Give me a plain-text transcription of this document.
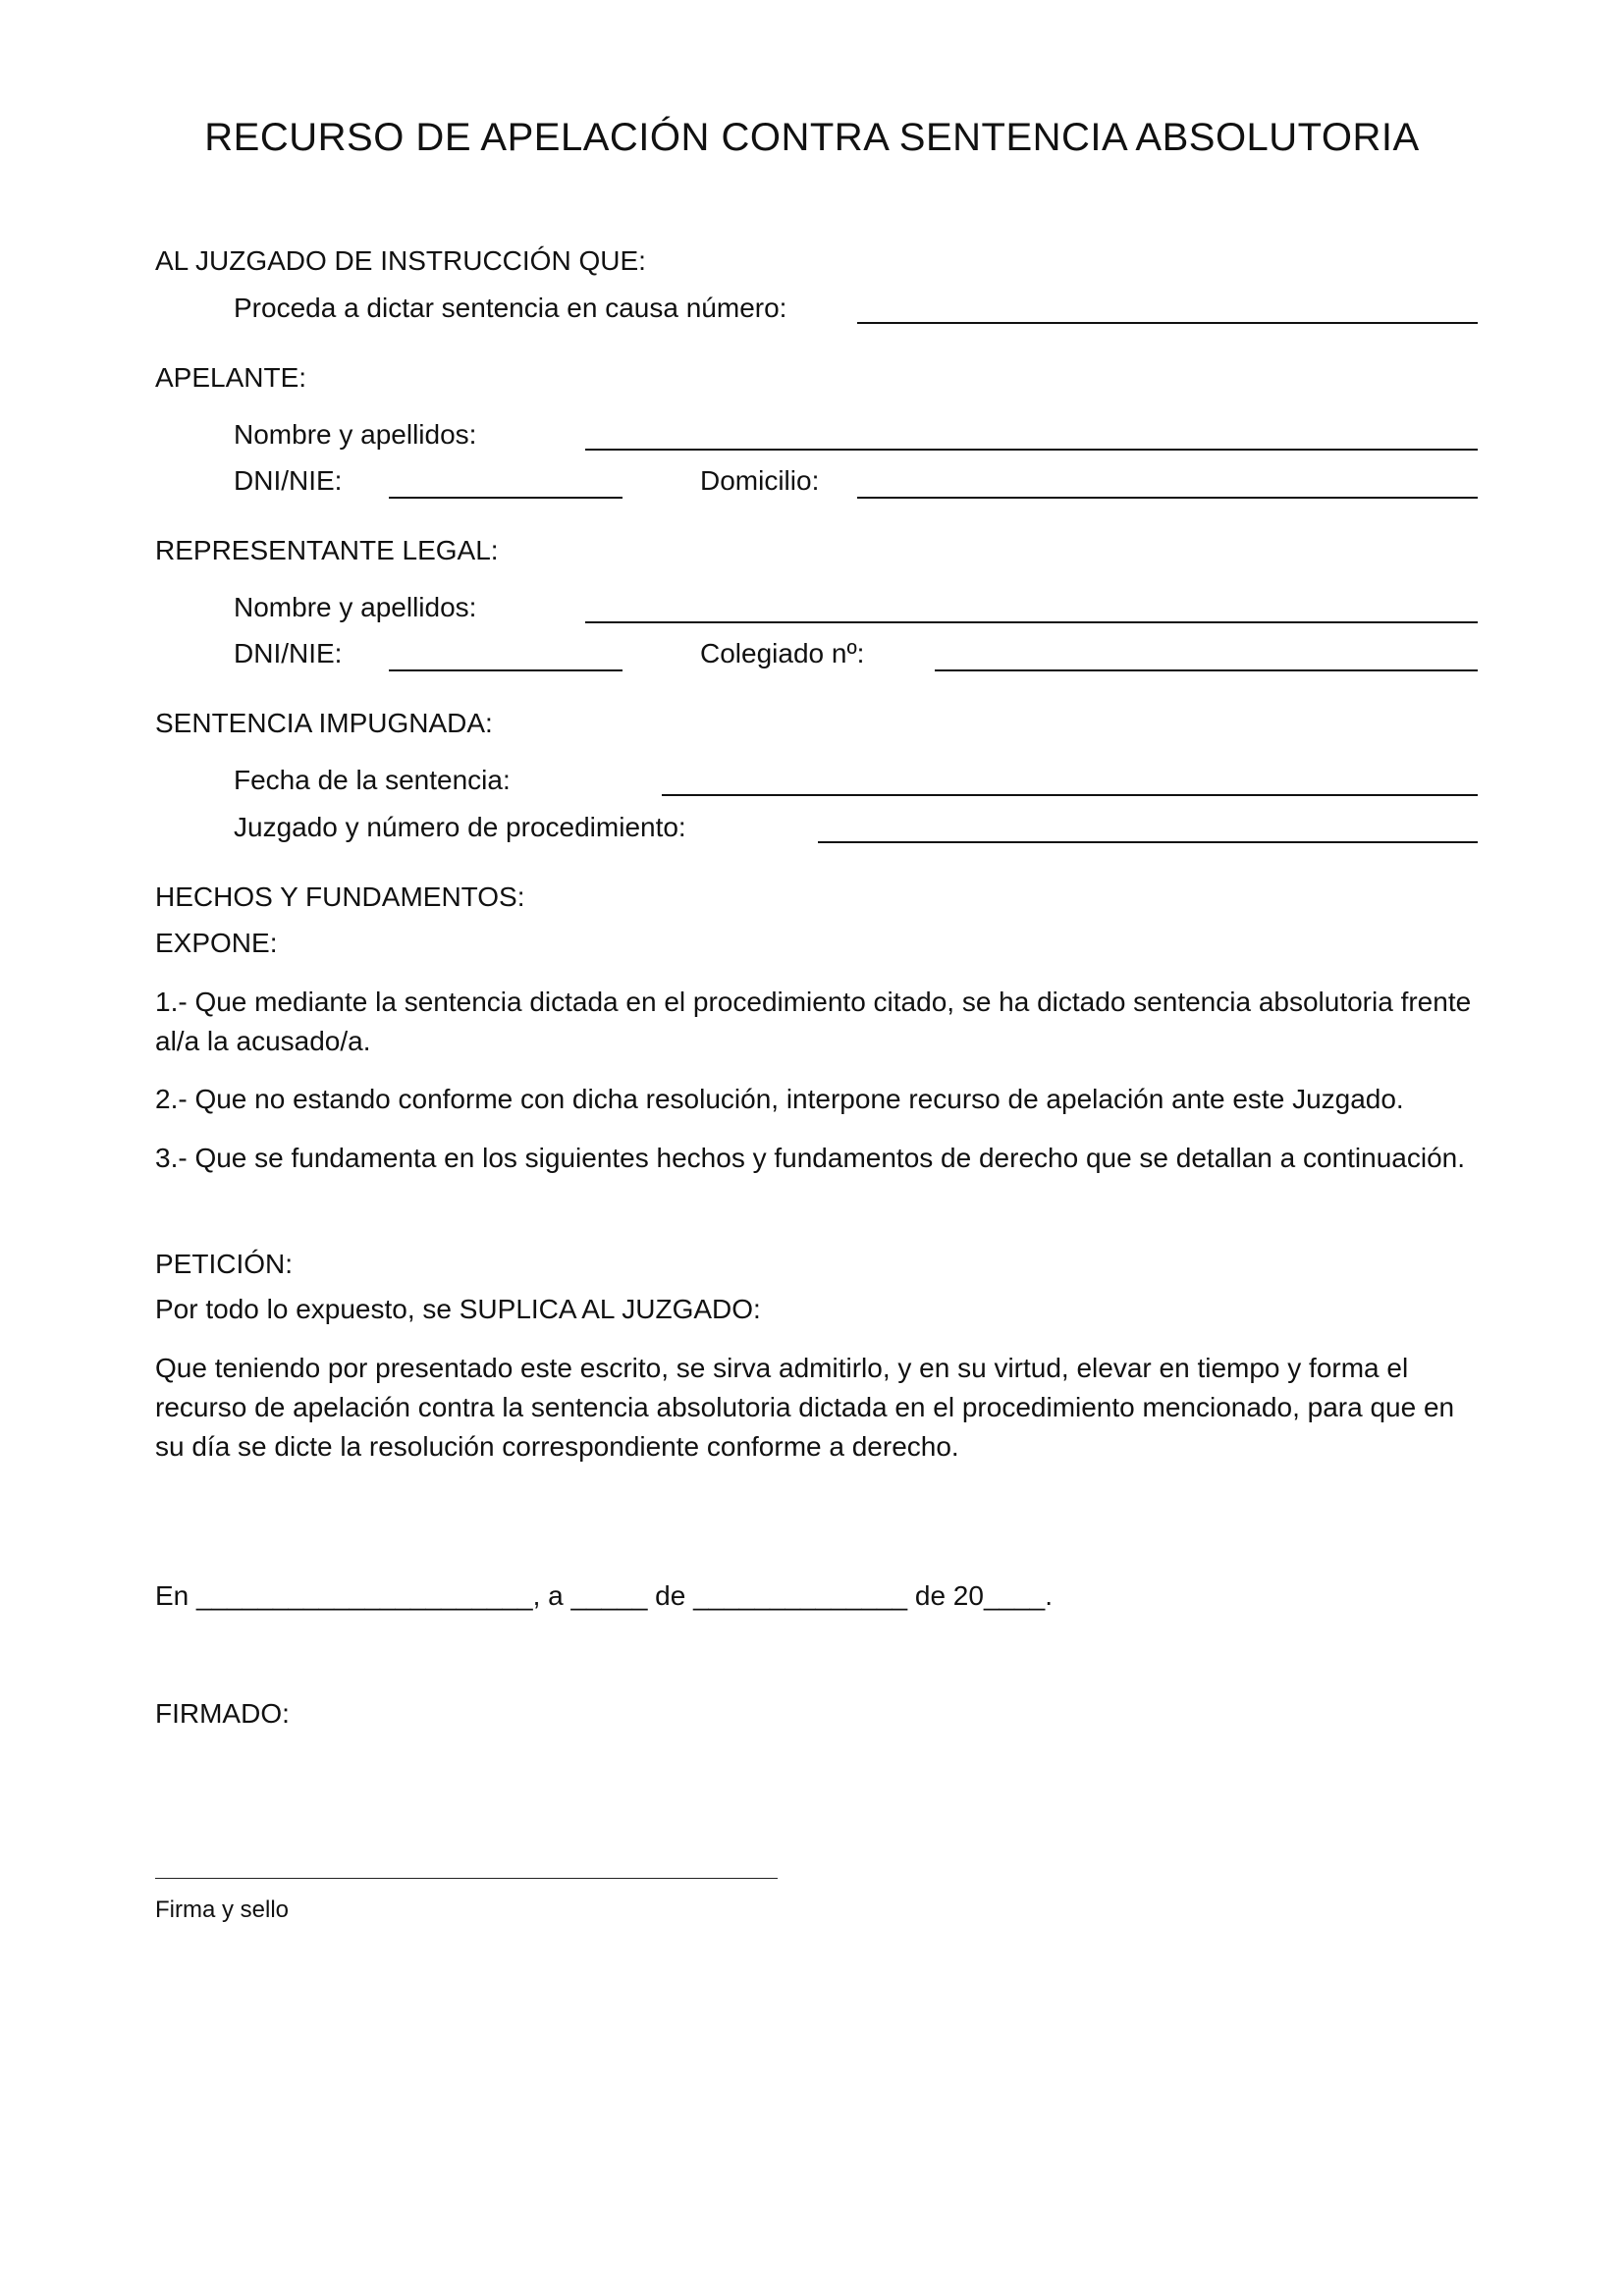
RECURSO DE APELACIÓN CONTRA SENTENCIA ABSOLUTORIA
AL JUZGADO DE INSTRUCCIÓN QUE:
Proceda a dictar sentencia en causa número:
APELANTE:
Nombre y apellidos:
DNI/NIE:	Domicilio:
REPRESENTANTE LEGAL:
Nombre y apellidos:
DNI/NIE:	Colegiado nº:
SENTENCIA IMPUGNADA:
Fecha de la sentencia:
Juzgado y número de procedimiento:
HECHOS Y FUNDAMENTOS:
EXPONE:
1.- Que mediante la sentencia dictada en el procedimiento citado, se ha dictado sentencia absolutoria frente al/a la acusado/a.
2.- Que no estando conforme con dicha resolución, interpone recurso de apelación ante este Juzgado.
3.- Que se fundamenta en los siguientes hechos y fundamentos de derecho que se detallan a continuación.
PETICIÓN:
Por todo lo expuesto, se SUPLICA AL JUZGADO:
Que teniendo por presentado este escrito, se sirva admitirlo, y en su virtud, elevar en tiempo y forma el recurso de apelación contra la sentencia absolutoria dictada en el procedimiento mencionado, para que en su día se dicte la resolución correspondiente conforme a derecho.
En ______________________, a _____ de ______________ de 20____.
FIRMADO:
Firma y sello
